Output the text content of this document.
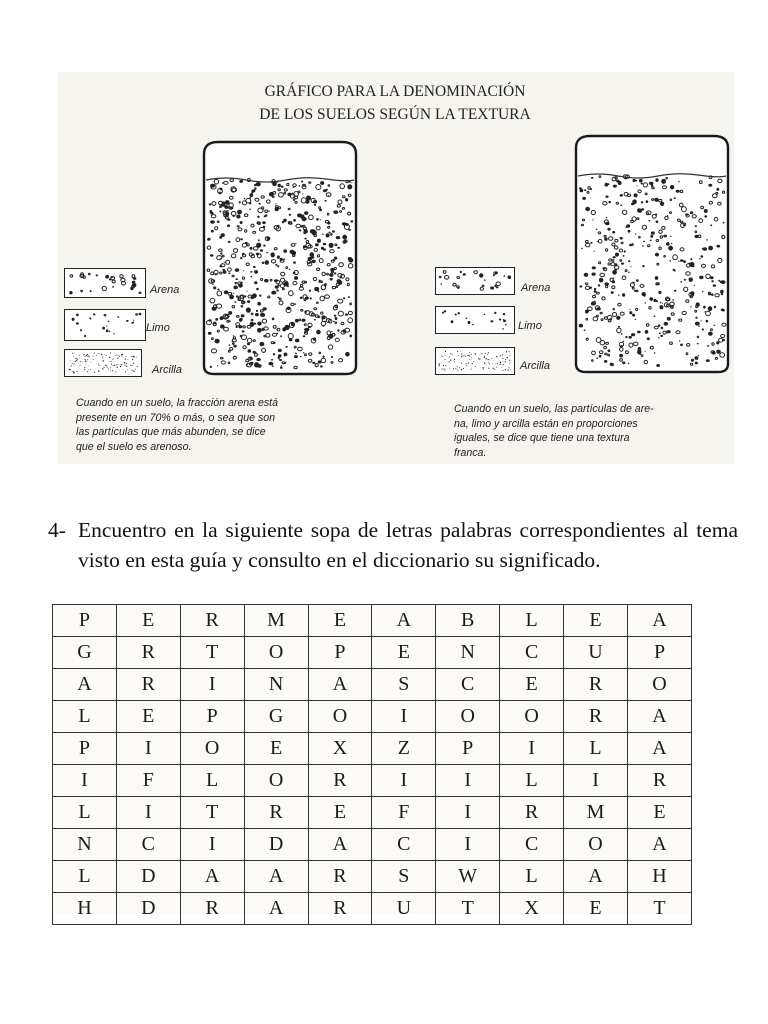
GRÁFICO PARA LA DENOMINACIÓN
DE LOS SUELOS SEGÚN LA TEXTURA
Arena
Limo
Arcilla
Arena
Limo
Arcilla
Cuando en un suelo, la fracción arena está
presente en un 70% o más, o sea que son
las partículas que más abunden, se dice
que el suelo es arenoso.
Cuando en un suelo, las partículas de are-
na, limo y arcilla están en proporciones
iguales, se dice que tiene una textura
franca.
4- Encuentro en la siguiente sopa de letras palabras correspondientes al tema visto en esta guía y consulto en el diccionario su significado.
P	E	R	M	E	A	B	L	E	A
G	R	T	O	P	E	N	C	U	P
A	R	I	N	A	S	C	E	R	O
L	E	P	G	O	I	O	O	R	A
P	I	O	E	X	Z	P	I	L	A
I	F	L	O	R	I	I	L	I	R
L	I	T	R	E	F	I	R	M	E
N	C	I	D	A	C	I	C	O	A
L	D	A	A	R	S	W	L	A	H
H	D	R	A	R	U	T	X	E	T
